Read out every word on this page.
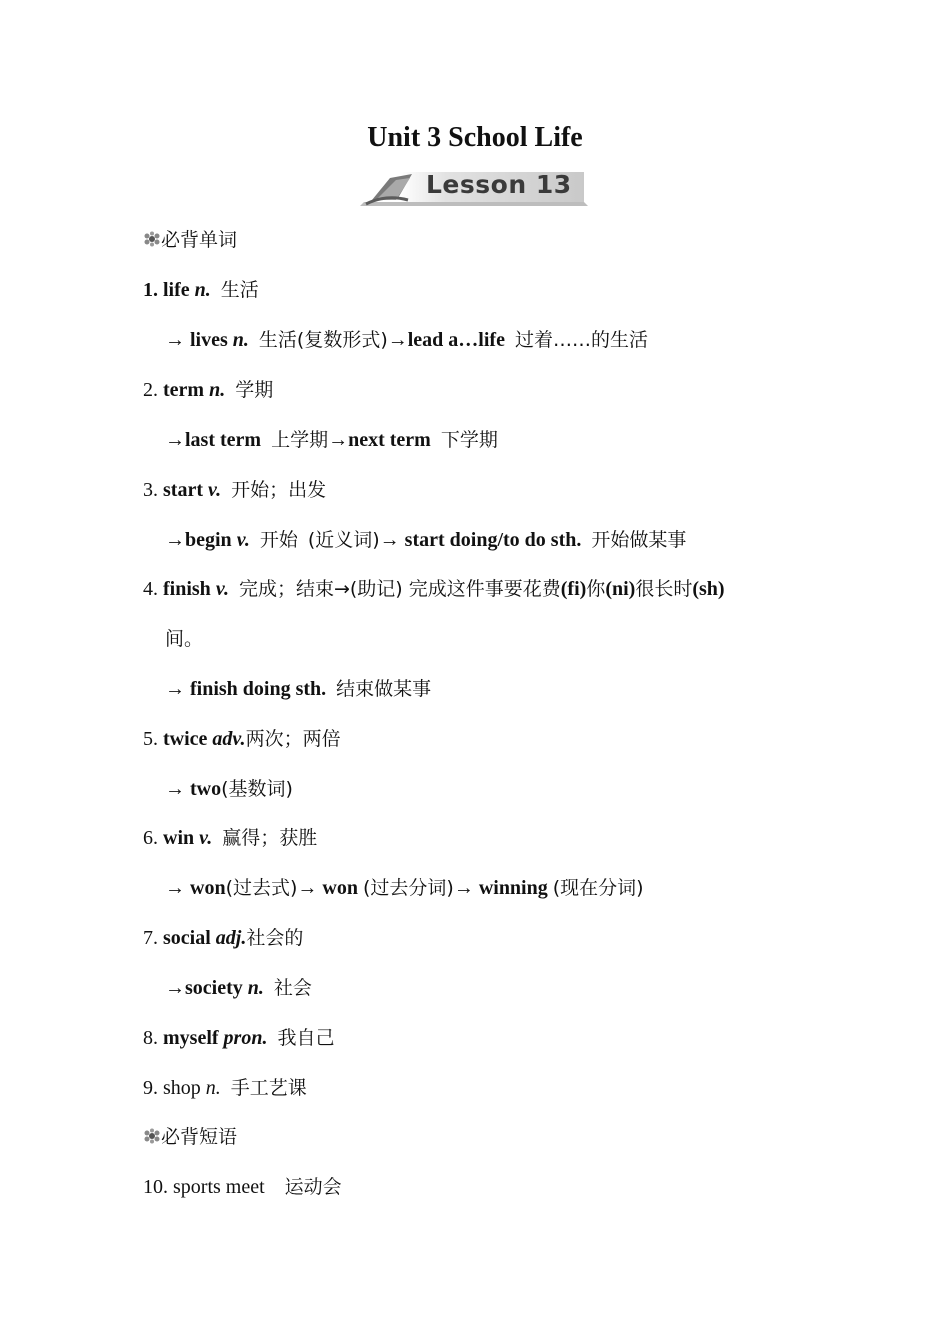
Unit 3 School Life
Lesson 13
必背单词
1. life n. 生活
→ lives n. 生活(复数形式)→lead a…life 过着……的生活
2. term n. 学期
→last term 上学期→next term 下学期
3. start v. 开始；出发
→begin v. 开始 (近义词)→ start doing/to do sth. 开始做某事
4. finish v. 完成；结束→(助记) 完成这件事要花费(fi)你(ni)很长时(sh)
间。
→ finish doing sth. 结束做某事
5. twice adv.两次；两倍
→ two(基数词)
6. win v. 赢得；获胜
→ won(过去式)→ won (过去分词)→ winning (现在分词)
7. social adj.社会的
→society n. 社会
8. myself pron. 我自己
9. shop n. 手工艺课
必背短语
10. sports meet 运动会
